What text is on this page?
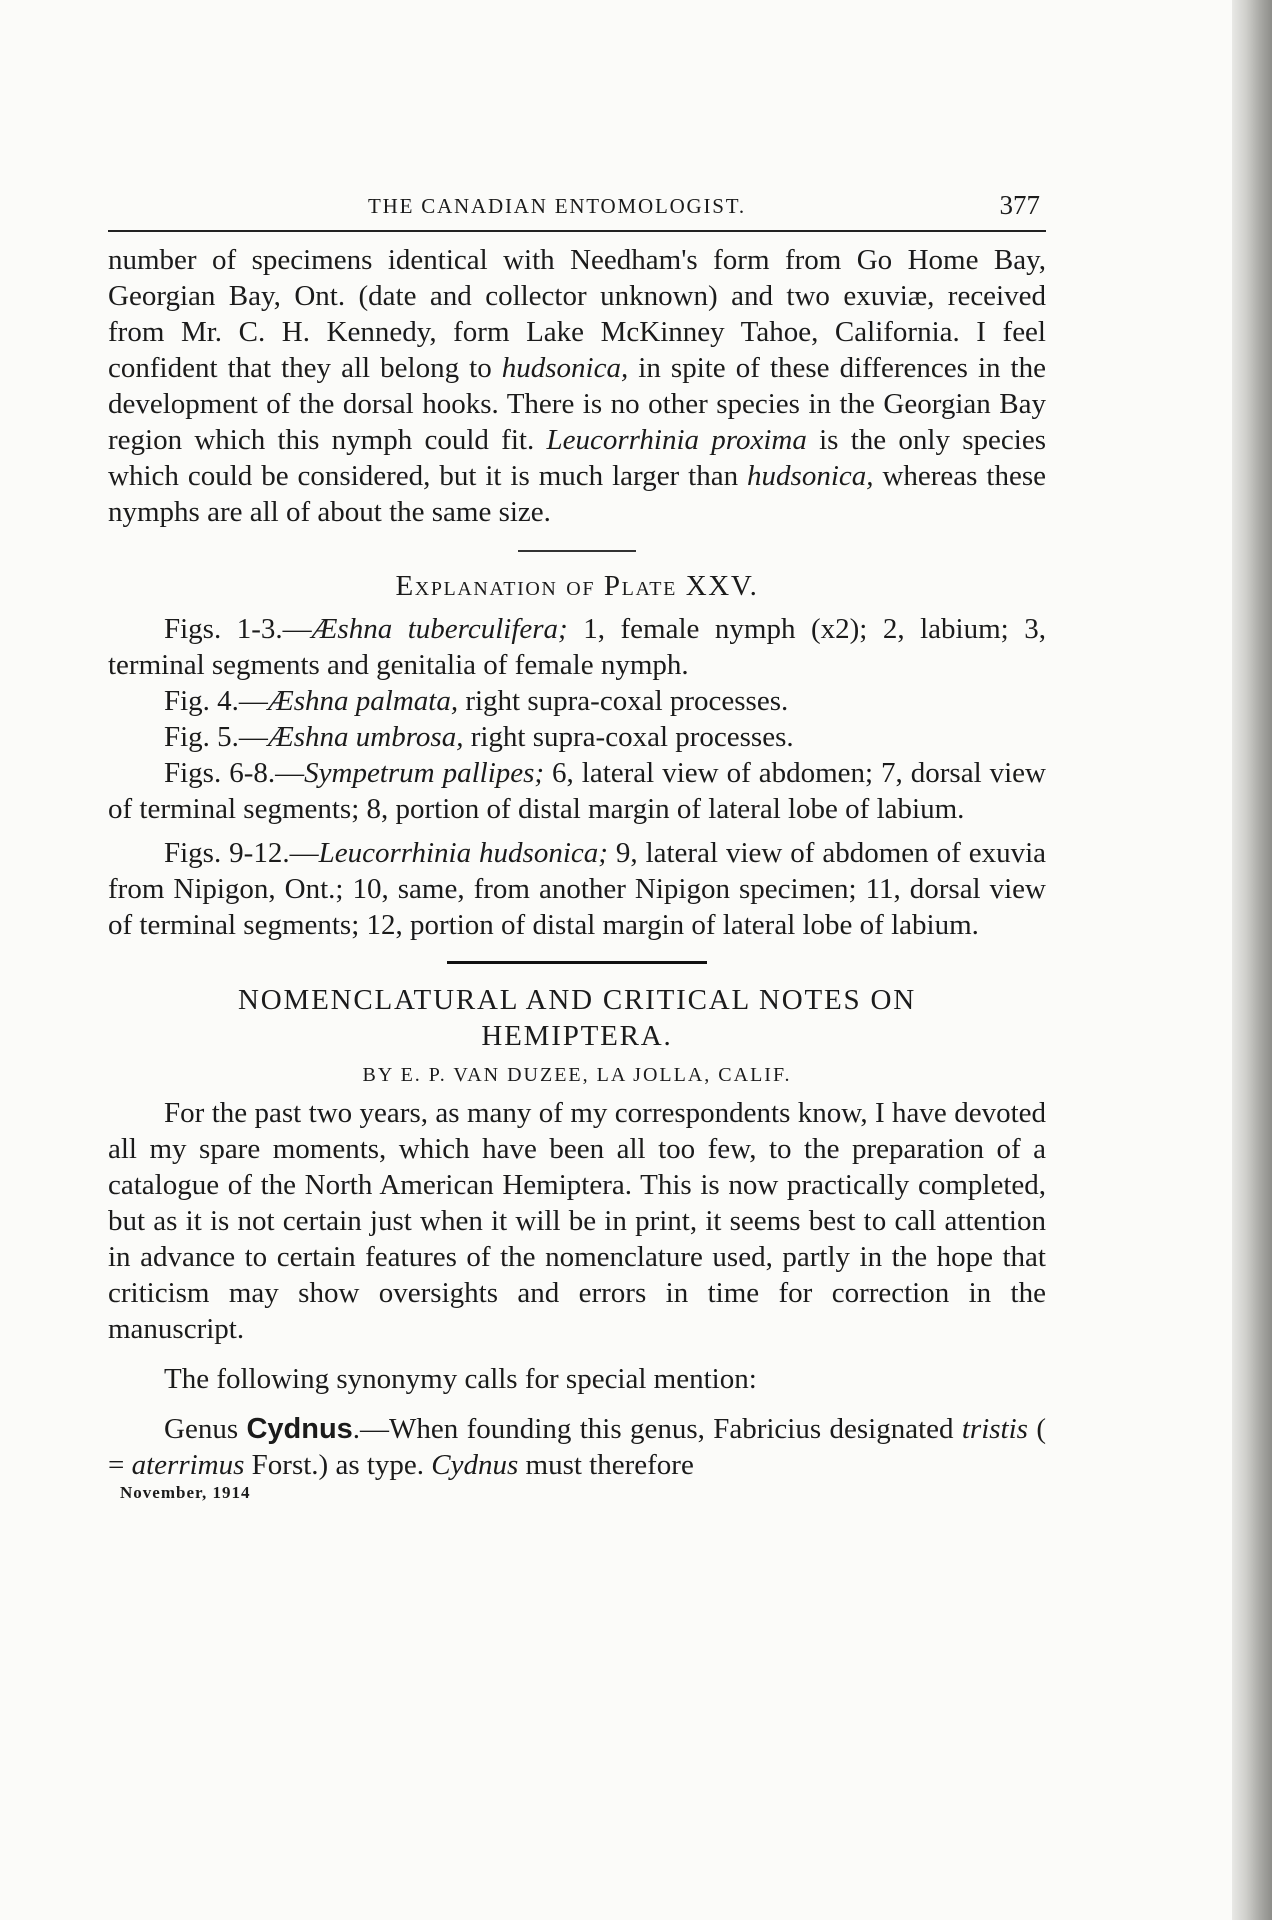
THE CANADIAN ENTOMOLOGIST.	377

number of specimens identical with Needham's form from Go Home Bay, Georgian Bay, Ont. (date and collector unknown) and two exuviæ, received from Mr. C. H. Kennedy, form Lake McKinney Tahoe, California. I feel confident that they all belong to hudsonica, in spite of these differences in the development of the dorsal hooks. There is no other species in the Georgian Bay region which this nymph could fit. Leucorrhinia proxima is the only species which could be considered, but it is much larger than hudsonica, whereas these nymphs are all of about the same size.

Explanation of Plate XXV.

Figs. 1-3.—Æshna tuberculifera; 1, female nymph (x2); 2, labium; 3, terminal segments and genitalia of female nymph.

Fig. 4.—Æshna palmata, right supra-coxal processes.

Fig. 5.—Æshna umbrosa, right supra-coxal processes.

Figs. 6-8.—Sympetrum pallipes; 6, lateral view of abdomen; 7, dorsal view of terminal segments; 8, portion of distal margin of lateral lobe of labium.

Figs. 9-12.—Leucorrhinia hudsonica; 9, lateral view of abdomen of exuvia from Nipigon, Ont.; 10, same, from another Nipigon specimen; 11, dorsal view of terminal segments; 12, portion of distal margin of lateral lobe of labium.

NOMENCLATURAL AND CRITICAL NOTES ON
HEMIPTERA.
BY E. P. VAN DUZEE, LA JOLLA, CALIF.

For the past two years, as many of my correspondents know, I have devoted all my spare moments, which have been all too few, to the preparation of a catalogue of the North American Hemiptera. This is now practically completed, but as it is not certain just when it will be in print, it seems best to call attention in advance to certain features of the nomenclature used, partly in the hope that criticism may show oversights and errors in time for correction in the manuscript.

The following synonymy calls for special mention:

Genus Cydnus.—When founding this genus, Fabricius designated tristis ( = aterrimus Forst.) as type. Cydnus must therefore

November, 1914
